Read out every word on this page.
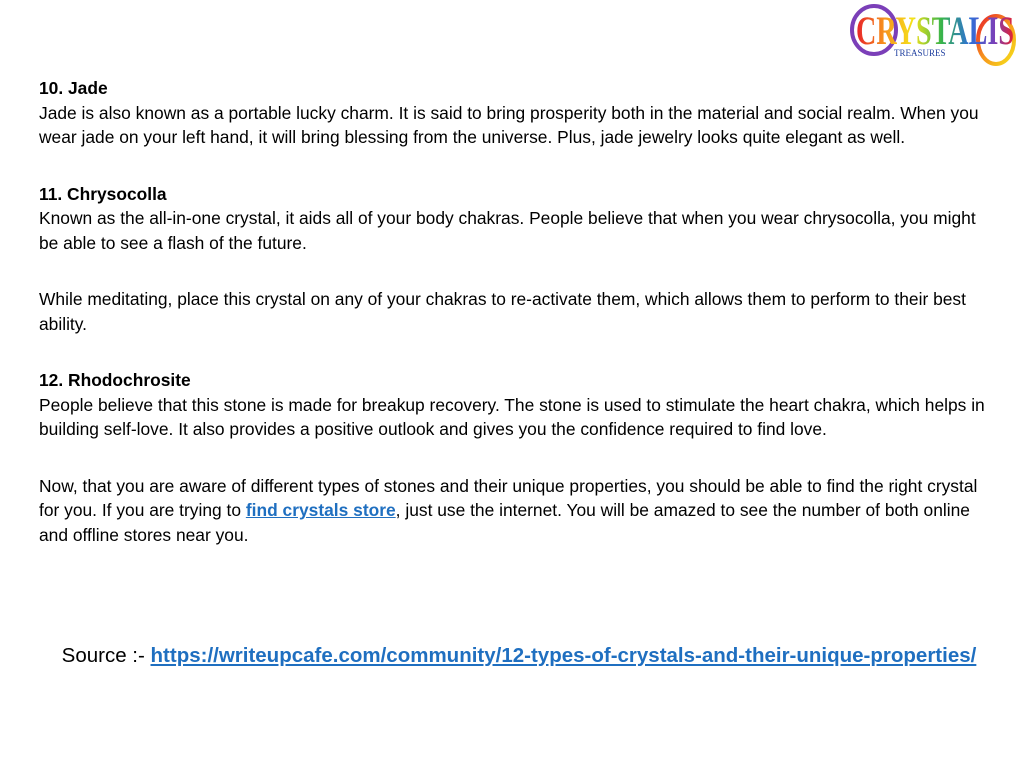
CRYSTALIS
TREASURES

10. Jade

Jade is also known as a portable lucky charm. It is said to bring prosperity both in the material and social realm. When you wear jade on your left hand, it will bring blessing from the universe. Plus, jade jewelry looks quite elegant as well.

11. Chrysocolla

Known as the all-in-one crystal, it aids all of your body chakras. People believe that when you wear chrysocolla, you might be able to see a flash of the future.

While meditating, place this crystal on any of your chakras to re-activate them, which allows them to perform to their best ability.

12. Rhodochrosite

People believe that this stone is made for breakup recovery. The stone is used to stimulate the heart chakra, which helps in building self-love. It also provides a positive outlook and gives you the confidence required to find love.

Now, that you are aware of different types of stones and their unique properties, you should be able to find the right crystal for you. If you are trying to find crystals store, just use the internet. You will be amazed to see the number of both online and offline stores near you.

Source :- https://writeupcafe.com/community/12-types-of-crystals-and-their-unique-properties/
